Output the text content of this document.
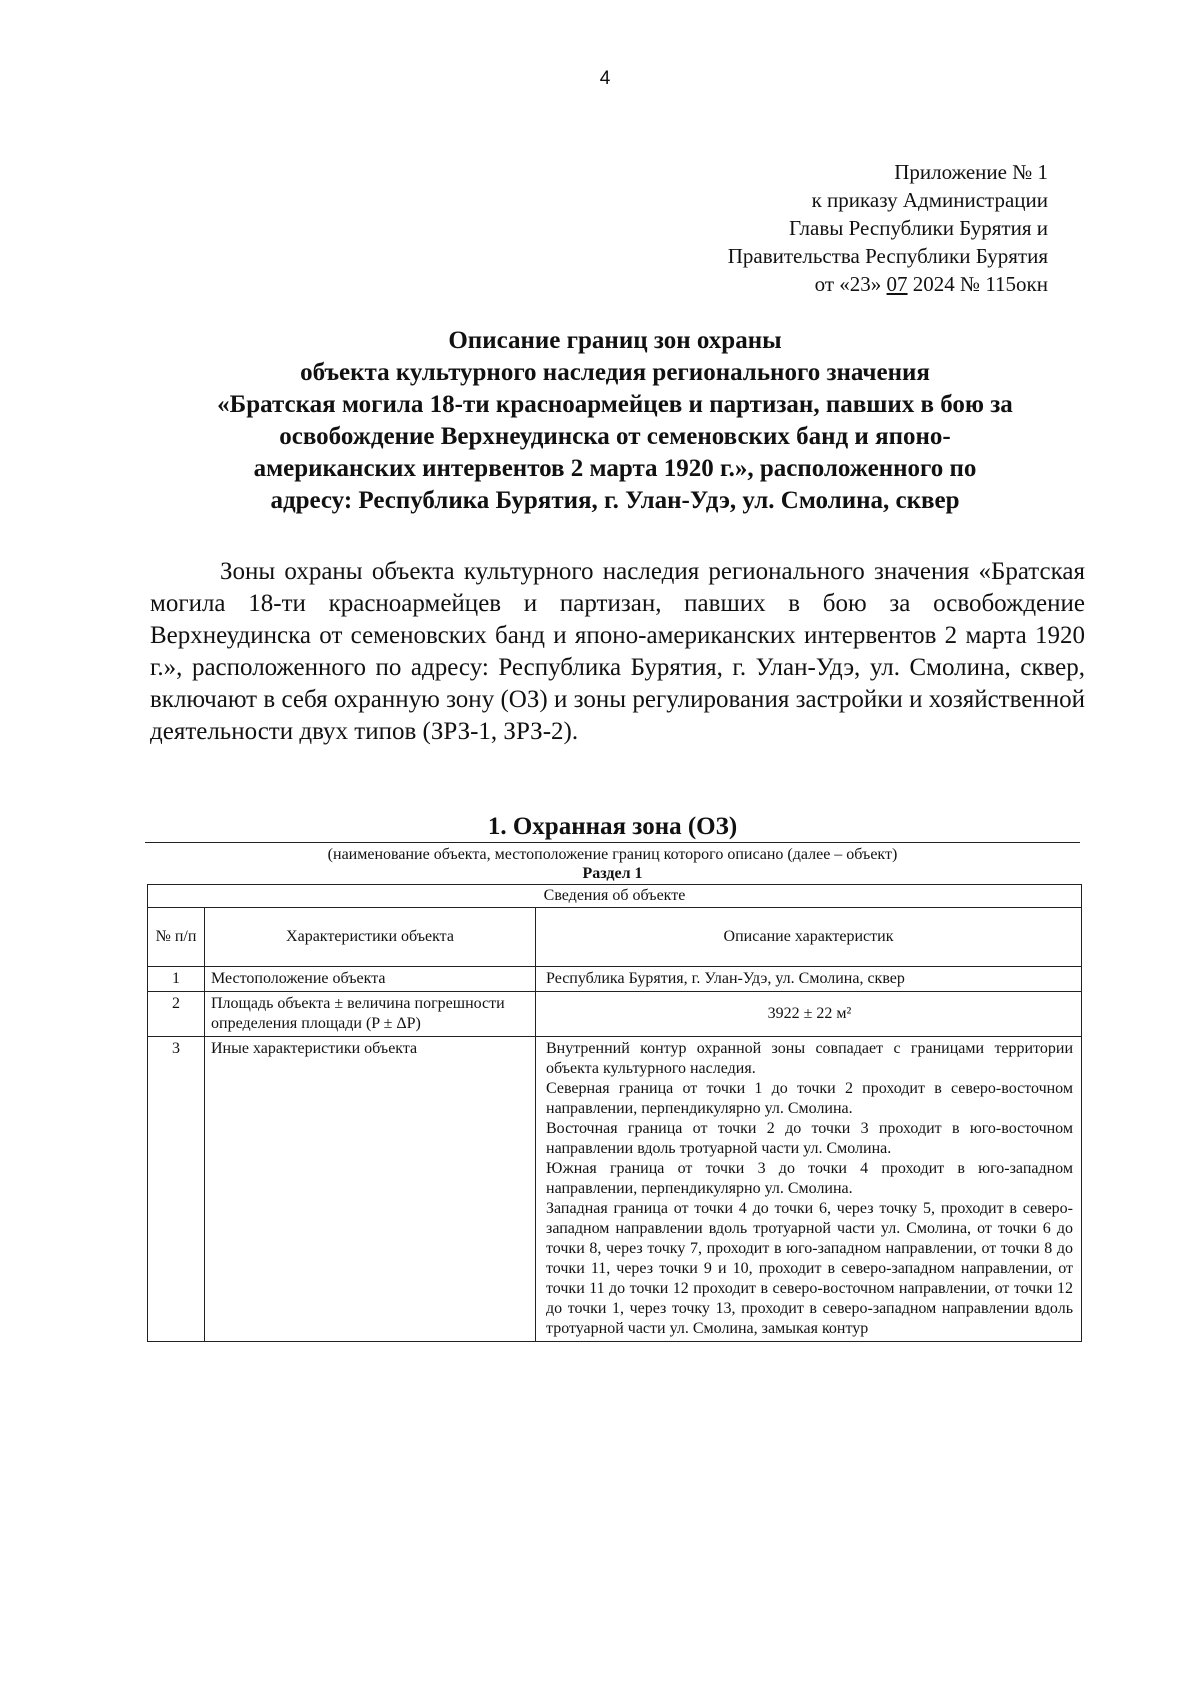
4
Приложение № 1
к приказу Администрации
Главы Республики Бурятия и
Правительства Республики Бурятия
от «23» 07 2024 № 115окн
Описание границ зон охраны
объекта культурного наследия регионального значения
«Братская могила 18-ти красноармейцев и партизан, павших в бою за
освобождение Верхнеудинска от семеновских банд и японо-
американских интервентов 2 марта 1920 г.», расположенного по
адресу: Республика Бурятия, г. Улан-Удэ, ул. Смолина, сквер
Зоны охраны объекта культурного наследия регионального значения «Братская могила 18-ти красноармейцев и партизан, павших в бою за освобождение Верхнеудинска от семеновских банд и японо-американских интервентов 2 марта 1920 г.», расположенного по адресу: Республика Бурятия, г. Улан-Удэ, ул. Смолина, сквер, включают в себя охранную зону (ОЗ) и зоны регулирования застройки и хозяйственной деятельности двух типов (ЗРЗ-1, ЗРЗ-2).
1. Охранная зона (ОЗ)
(наименование объекта, местоположение границ которого описано (далее – объект)
Раздел 1
Сведения об объекте		
№ п/п	Характеристики объекта	Описание характеристик
1	Местоположение объекта	Республика Бурятия, г. Улан-Удэ, ул. Смолина, сквер
2	Площадь объекта ± величина погрешности определения площади (P ± ΔP)	3922 ± 22 м²
3	Иные характеристики объекта	Внутренний контур охранной зоны совпадает с границами территории объекта культурного наследия.

Северная граница от точки 1 до точки 2 проходит в северо-восточном направлении, перпендикулярно ул. Смолина.

Восточная граница от точки 2 до точки 3 проходит в юго-восточном направлении вдоль тротуарной части ул. Смолина.

Южная граница от точки 3 до точки 4 проходит в юго-западном направлении, перпендикулярно ул. Смолина.

Западная граница от точки 4 до точки 6, через точку 5, проходит в северо-западном направлении вдоль тротуарной части ул. Смолина, от точки 6 до точки 8, через точку 7, проходит в юго-западном направлении, от точки 8 до точки 11, через точки 9 и 10, проходит в северо-западном направлении, от точки 11 до точки 12 проходит в северо-восточном направлении, от точки 12 до точки 1, через точку 13, проходит в северо-западном направлении вдоль тротуарной части ул. Смолина, замыкая контур
